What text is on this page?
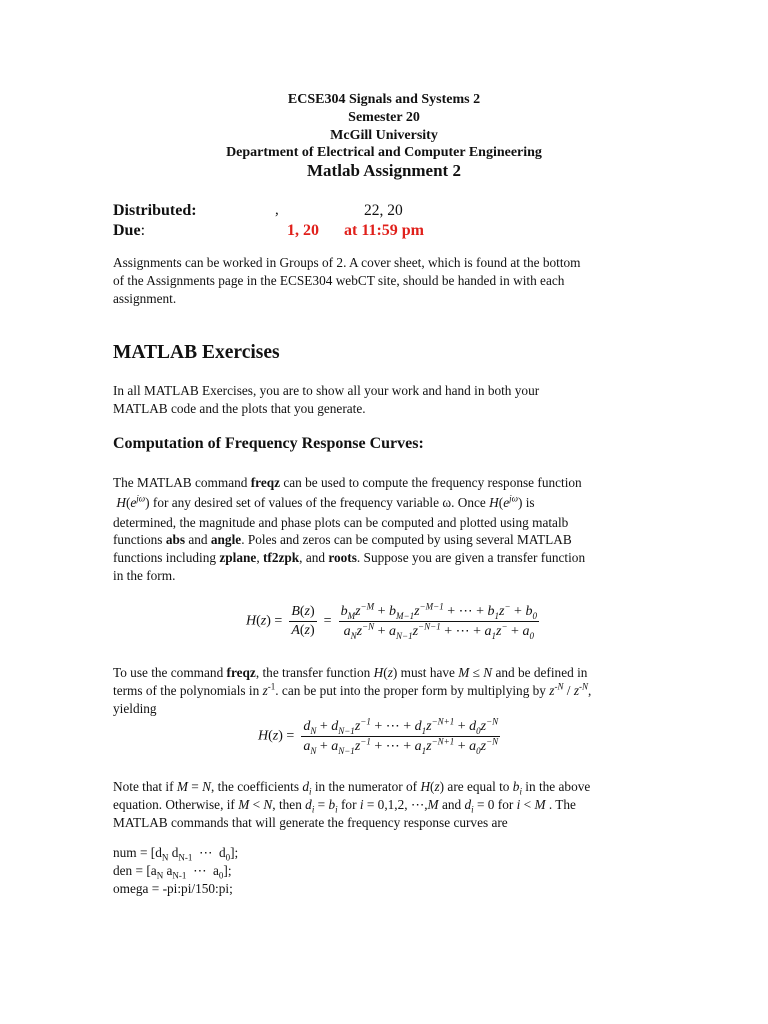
ECSE304 Signals and Systems 2
Semester 20
McGill University
Department of Electrical and Computer Engineering
Matlab Assignment 2
Distributed:	,	22, 20
Due:	1, 20 at 11:59 pm
Assignments can be worked in Groups of 2. A cover sheet, which is found at the bottom
of the Assignments page in the ECSE304 webCT site, should be handed in with each
assignment.
MATLAB Exercises
In all MATLAB Exercises, you are to show all your work and hand in both your
MATLAB code and the plots that you generate.
Computation of Frequency Response Curves:
The MATLAB command freqz can be used to compute the frequency response function
$H(e^{j\omega})$ for any desired set of values of the frequency variable ω. Once $H(e^{j\omega})$ is
determined, the magnitude and phase plots can be computed and plotted using matalb
functions abs and angle. Poles and zeros can be computed by using several MATLAB
functions including zplane, tf2zpk, and roots. Suppose you are given a transfer function
in the form.
$H(z) = \frac{B(z)}{A(z)} = \frac{b_Mz^{-M} + b_{M-1}z^{-M-1} + \cdots + b_1z^- + b_0}{a_Nz^{-N} + a_{N-1}z^{-N-1} + \cdots + a_1z^- + a_0}$
To use the command freqz, the transfer function H(z) must have M ≤ N and be defined in
terms of the polynomials in $z^{-1}$. can be put into the proper form by multiplying by $z^{-N} / z^{-N}$,
yielding
$H(z) = \frac{d_N + d_{N-1}z^{-1} + \cdots + d_1z^{-N+1} + d_0z^{-N}}{a_N + a_{N-1}z^{-1} + \cdots + a_1z^{-N+1} + a_0z^{-N}}$
Note that if M = N, the coefficients $d_i$ in the numerator of H(z) are equal to $b_i$ in the above
equation. Otherwise, if M < N, then $d_i = b_i$ for i = 0,1,2, ⋯,M and $d_i = 0$ for i < M . The
MATLAB commands that will generate the frequency response curves are
num = [$d_N$ $d_{N-1}$  ⋯  $d_0$];
den = [$a_N$ $a_{N-1}$  ⋯  $a_0$];
omega = -pi:pi/150:pi;
